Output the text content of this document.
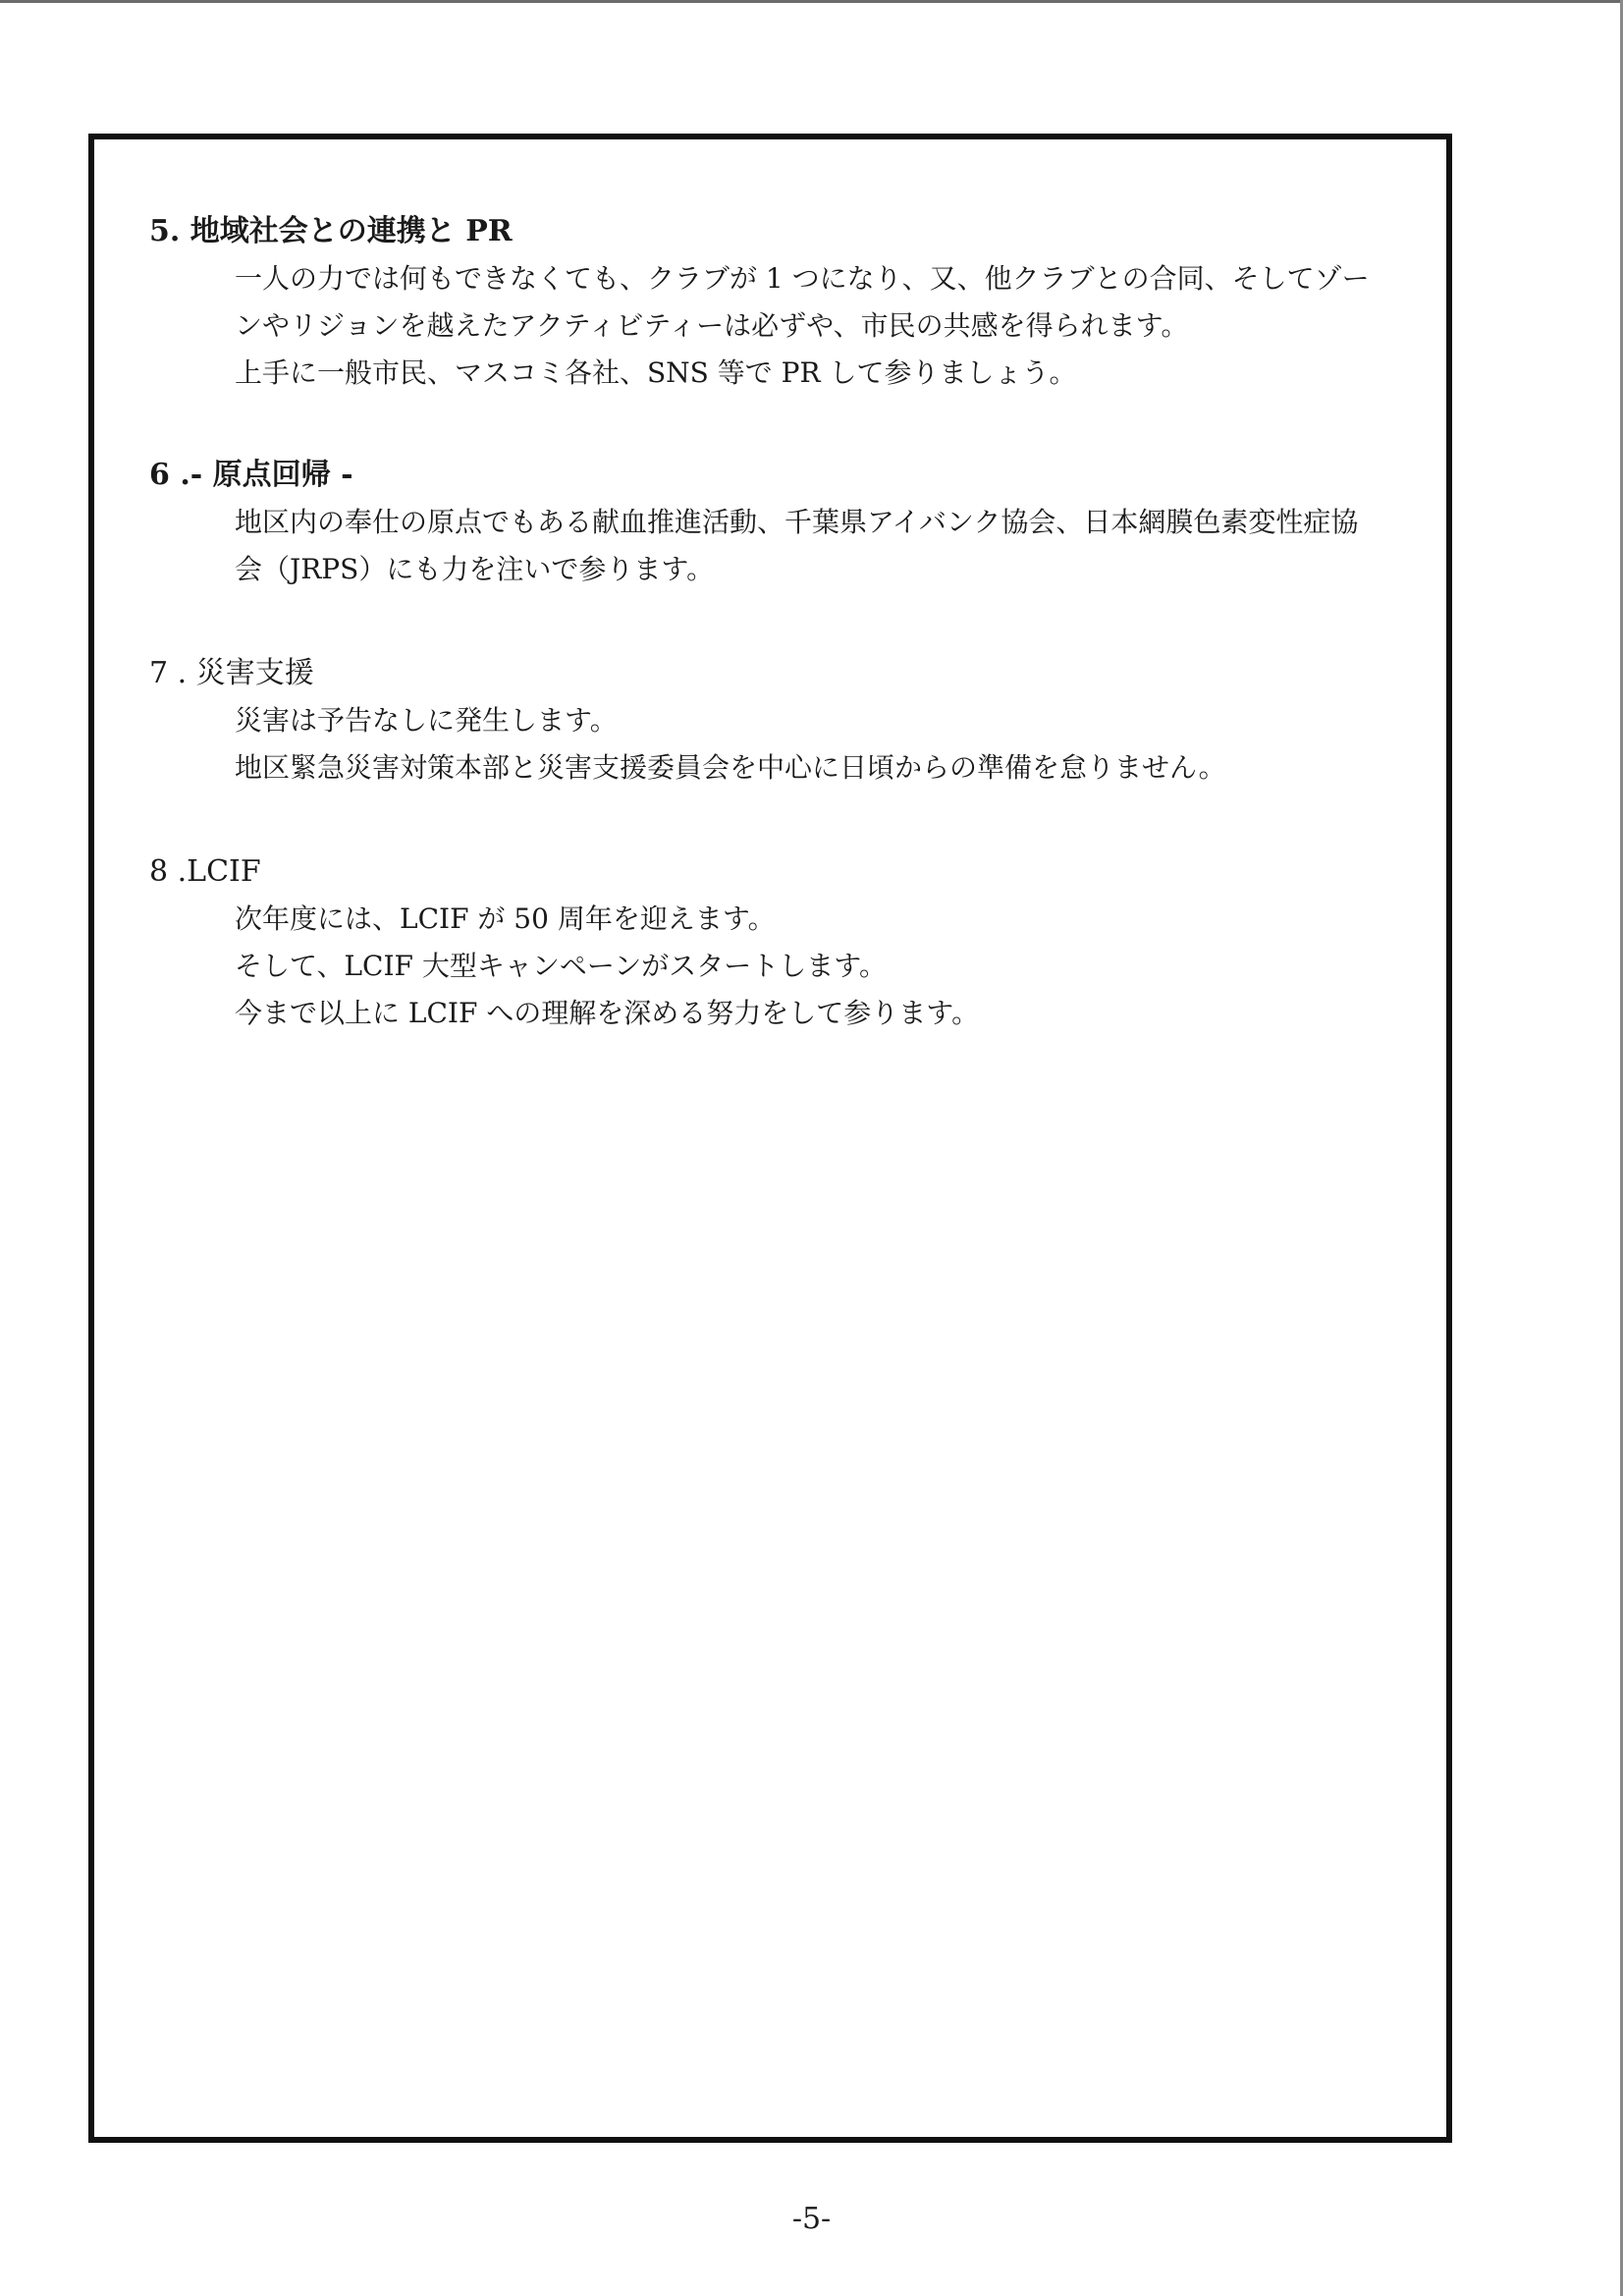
5. 地域社会との連携と PR
一人の力では何もできなくても、クラブが 1 つになり、又、他クラブとの合同、そしてゾー
ンやリジョンを越えたアクティビティーは必ずや、市民の共感を得られます。
上手に一般市民、マスコミ各社、SNS 等で PR して参りましょう。
6 .- 原点回帰 -
地区内の奉仕の原点でもある献血推進活動、千葉県アイバンク協会、日本網膜色素変性症協
会（JRPS）にも力を注いで参ります。
7 . 災害支援
災害は予告なしに発生します。
地区緊急災害対策本部と災害支援委員会を中心に日頃からの準備を怠りません。
8 .LCIF
次年度には、LCIF が 50 周年を迎えます。
そして、LCIF 大型キャンペーンがスタートします。
今まで以上に LCIF への理解を深める努力をして参ります。
-5-
